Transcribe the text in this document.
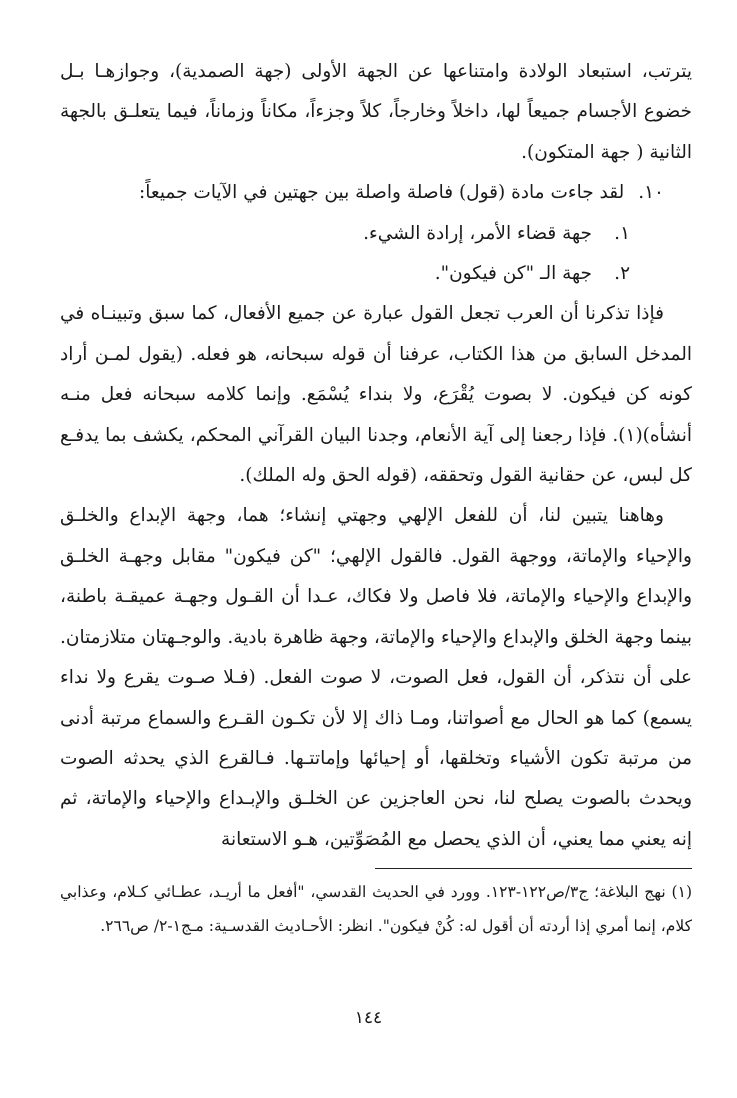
يترتب، استبعاد الولادة وامتناعها عن الجهة الأولى (جهة الصمدية)، وجوازهـا بـل خضوع الأجسام جميعاً لها، داخلاً وخارجاً، كلاً وجزءاً، مكاناً وزماناً، فيما يتعلـق بالجهة الثانية ( جهة المتكون).

١٠.
لقد جاءت مادة (قول) فاصلة واصلة بين جهتين في الآيات جميعاً:
١.
جهة قضاء الأمر، إرادة الشيء.
٢.
جهة الـ "كن فيكون".

فإذا تذكرنا أن العرب تجعل القول عبارة عن جميع الأفعال، كما سبق وتبينـاه في المدخل السابق من هذا الكتاب، عرفنا أن قوله سبحانه، هو فعله. (يقول لمـن أراد كونه كن فيكون. لا بصوت يُقْرَع، ولا بنداء يُسْمَع. وإنما كلامه سبحانه فعل منـه أنشأه)(١). فإذا رجعنا إلى آية الأنعام، وجدنا البيان القرآني المحكم، يكشف بما يدفـع كل لبس، عن حقانية القول وتحققه، (قوله الحق وله الملك).

وهاهنا يتبين لنا، أن للفعل الإلهي وجهتي إنشاء؛ هما، وجهة الإبداع والخلـق والإحياء والإماتة، ووجهة القول. فالقول الإلهي؛ "كن فيكون" مقابل وجهـة الخلـق والإبداع والإحياء والإماتة، فلا فاصل ولا فكاك، عـدا أن القـول وجهـة عميقـة باطنة، بينما وجهة الخلق والإبداع والإحياء والإماتة، وجهة ظاهرة بادية. والوجـهتان متلازمتان. على أن نتذكر، أن القول، فعل الصوت، لا صوت الفعل. (فـلا صـوت يقرع ولا نداء يسمع) كما هو الحال مع أصواتنا، ومـا ذاك إلا لأن تكـون القـرع والسماع مرتبة أدنى من مرتبة تكون الأشياء وتخلقها، أو إحيائها وإماتتـها. فـالقرع الذي يحدثه الصوت ويحدث بالصوت يصلح لنا، نحن العاجزين عن الخلـق والإبـداع والإحياء والإماتة، ثم إنه يعني مما يعني، أن الذي يحصل مع المُصَوِّتين، هـو الاستعانة

(١) نهج البلاغة؛ ج٣/ص١٢٢-١٢٣. وورد في الحديث القدسي، "أفعل ما أريـد، عطـائي كـلام، وعذابي كلام، إنما أمري إذا أردته أن أقول له: كُنْ فيكون". انظر: الأحـاديث القدسـية: مـج١-٢/ ص٢٦٦.

١٤٤
